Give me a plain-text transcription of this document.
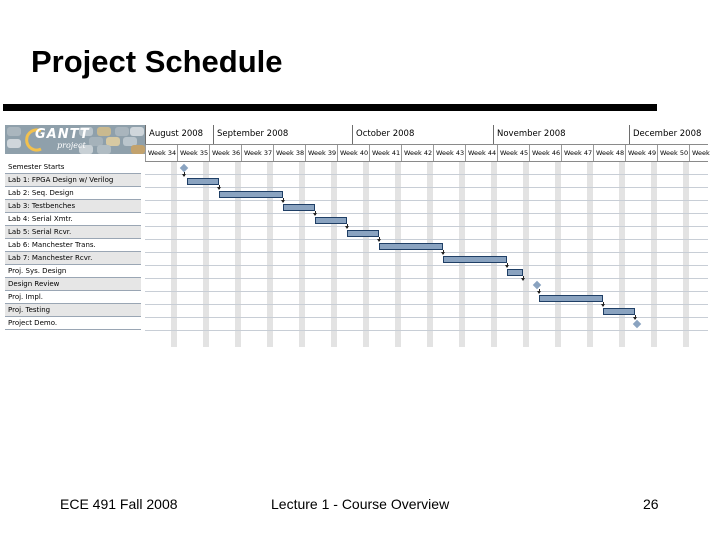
Project Schedule
GANTT
project
Semester Starts
Lab 1: FPGA Design w/ Verilog
Lab 2: Seq. Design
Lab 3: Testbenches
Lab 4: Serial Xmtr.
Lab 5: Serial Rcvr.
Lab 6: Manchester Trans.
Lab 7: Manchester Rcvr.
Proj. Sys. Design
Design Review
Proj. Impl.
Proj. Testing
Project Demo.
August 2008	September 2008	October 2008	November 2008	December 2008
Week 34 Week 35 Week 36 Week 37 Week 38 Week 39 Week 40 Week 41 Week 42 Week 43 Week 44 Week 45 Week 46 Week 47 Week 48 Week 49 Week 50 Week
ECE 491 Fall 2008	Lecture 1 - Course Overview	26
